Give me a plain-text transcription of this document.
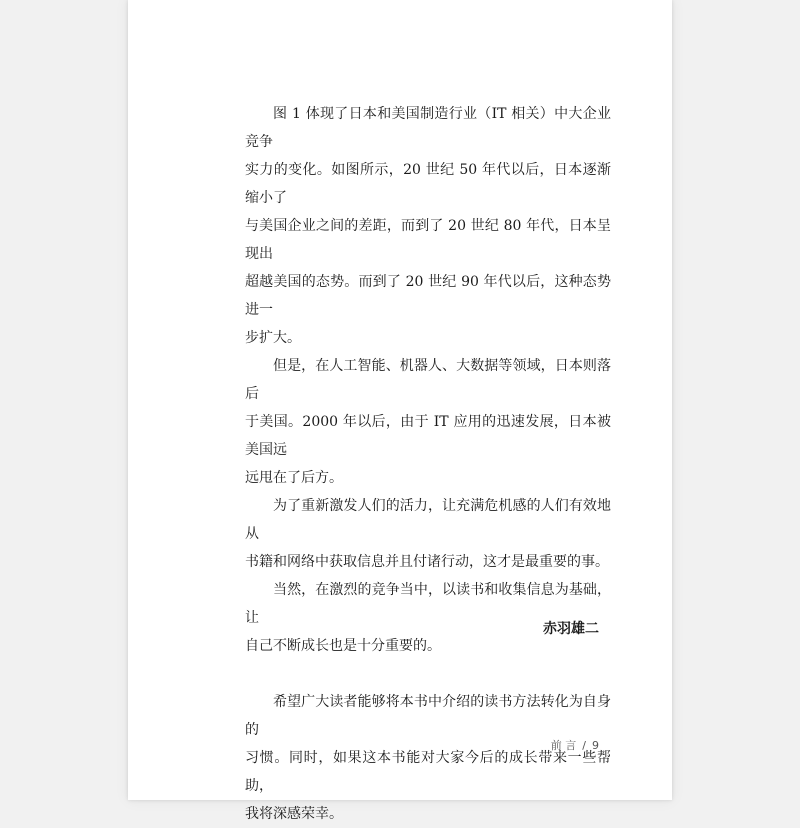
图 1 体现了日本和美国制造行业（IT 相关）中大企业竞争
实力的变化。如图所示，20 世纪 50 年代以后，日本逐渐缩小了
与美国企业之间的差距，而到了 20 世纪 80 年代，日本呈现出
超越美国的态势。而到了 20 世纪 90 年代以后，这种态势进一
步扩大。

但是，在人工智能、机器人、大数据等领域，日本则落后
于美国。2000 年以后，由于 IT 应用的迅速发展，日本被美国远
远甩在了后方。

为了重新激发人们的活力，让充满危机感的人们有效地从
书籍和网络中获取信息并且付诸行动，这才是最重要的事。

当然，在激烈的竞争当中，以读书和收集信息为基础，让
自己不断成长也是十分重要的。

希望广大读者能够将本书中介绍的读书方法转化为自身的
习惯。同时，如果这本书能对大家今后的成长带来一些帮助，
我将深感荣幸。

赤羽雄二
前 言 / 9
